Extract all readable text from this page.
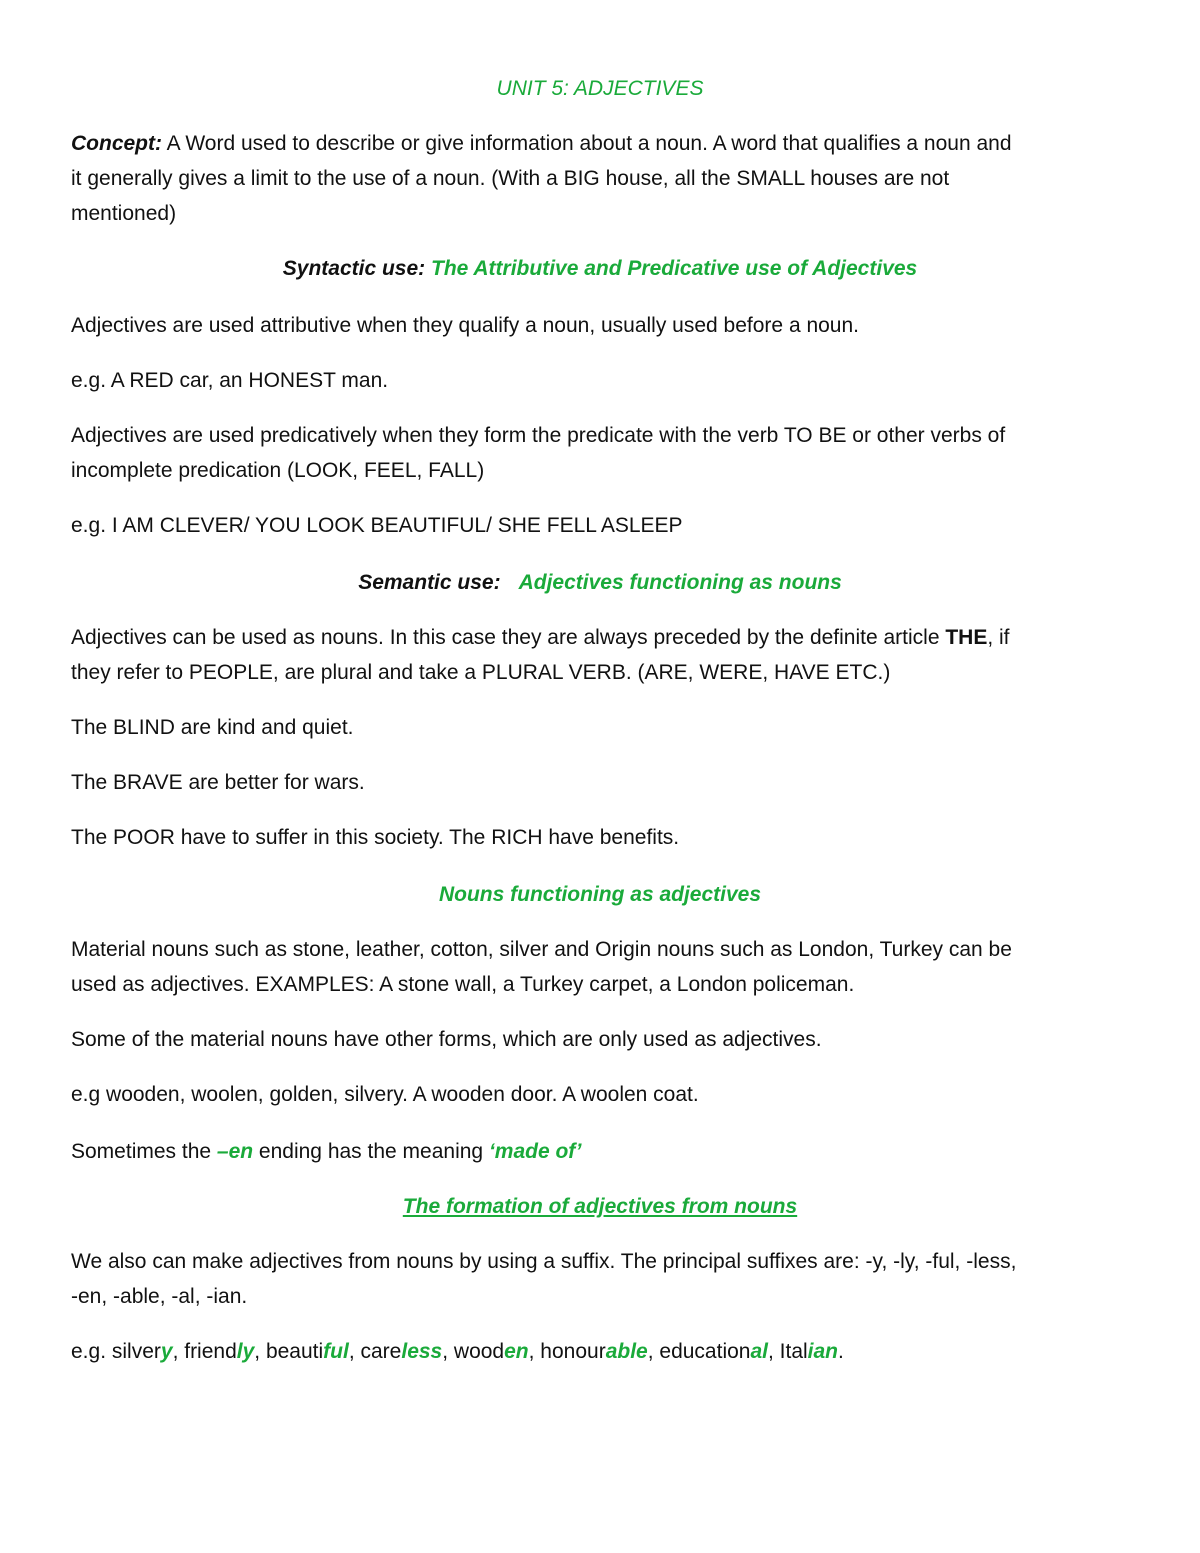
UNIT 5: ADJECTIVES
Concept: A Word used to describe or give information about a noun. A word that qualifies a noun and
it generally gives a limit to the use of a noun. (With a BIG house, all the SMALL houses are not
mentioned)
Syntactic use: The Attributive and Predicative use of Adjectives
Adjectives are used attributive when they qualify a noun, usually used before a noun.
e.g. A RED car, an HONEST man.
Adjectives are used predicatively when they form the predicate with the verb TO BE or other verbs of
incomplete predication (LOOK, FEEL, FALL)
e.g. I AM CLEVER/ YOU LOOK BEAUTIFUL/ SHE FELL ASLEEP
Semantic use: Adjectives functioning as nouns
Adjectives can be used as nouns. In this case they are always preceded by the definite article THE, if
they refer to PEOPLE, are plural and take a PLURAL VERB. (ARE, WERE, HAVE ETC.)
The BLIND are kind and quiet.
The BRAVE are better for wars.
The POOR have to suffer in this society. The RICH have benefits.
Nouns functioning as adjectives
Material nouns such as stone, leather, cotton, silver and Origin nouns such as London, Turkey can be
used as adjectives. EXAMPLES: A stone wall, a Turkey carpet, a London policeman.
Some of the material nouns have other forms, which are only used as adjectives.
e.g wooden, woolen, golden, silvery. A wooden door. A woolen coat.
Sometimes the –en ending has the meaning ‘made of’
The formation of adjectives from nouns
We also can make adjectives from nouns by using a suffix. The principal suffixes are: -y, -ly, -ful, -less,
-en, -able, -al, -ian.
e.g. silvery, friendly, beautiful, careless, wooden, honourable, educational, Italian.
